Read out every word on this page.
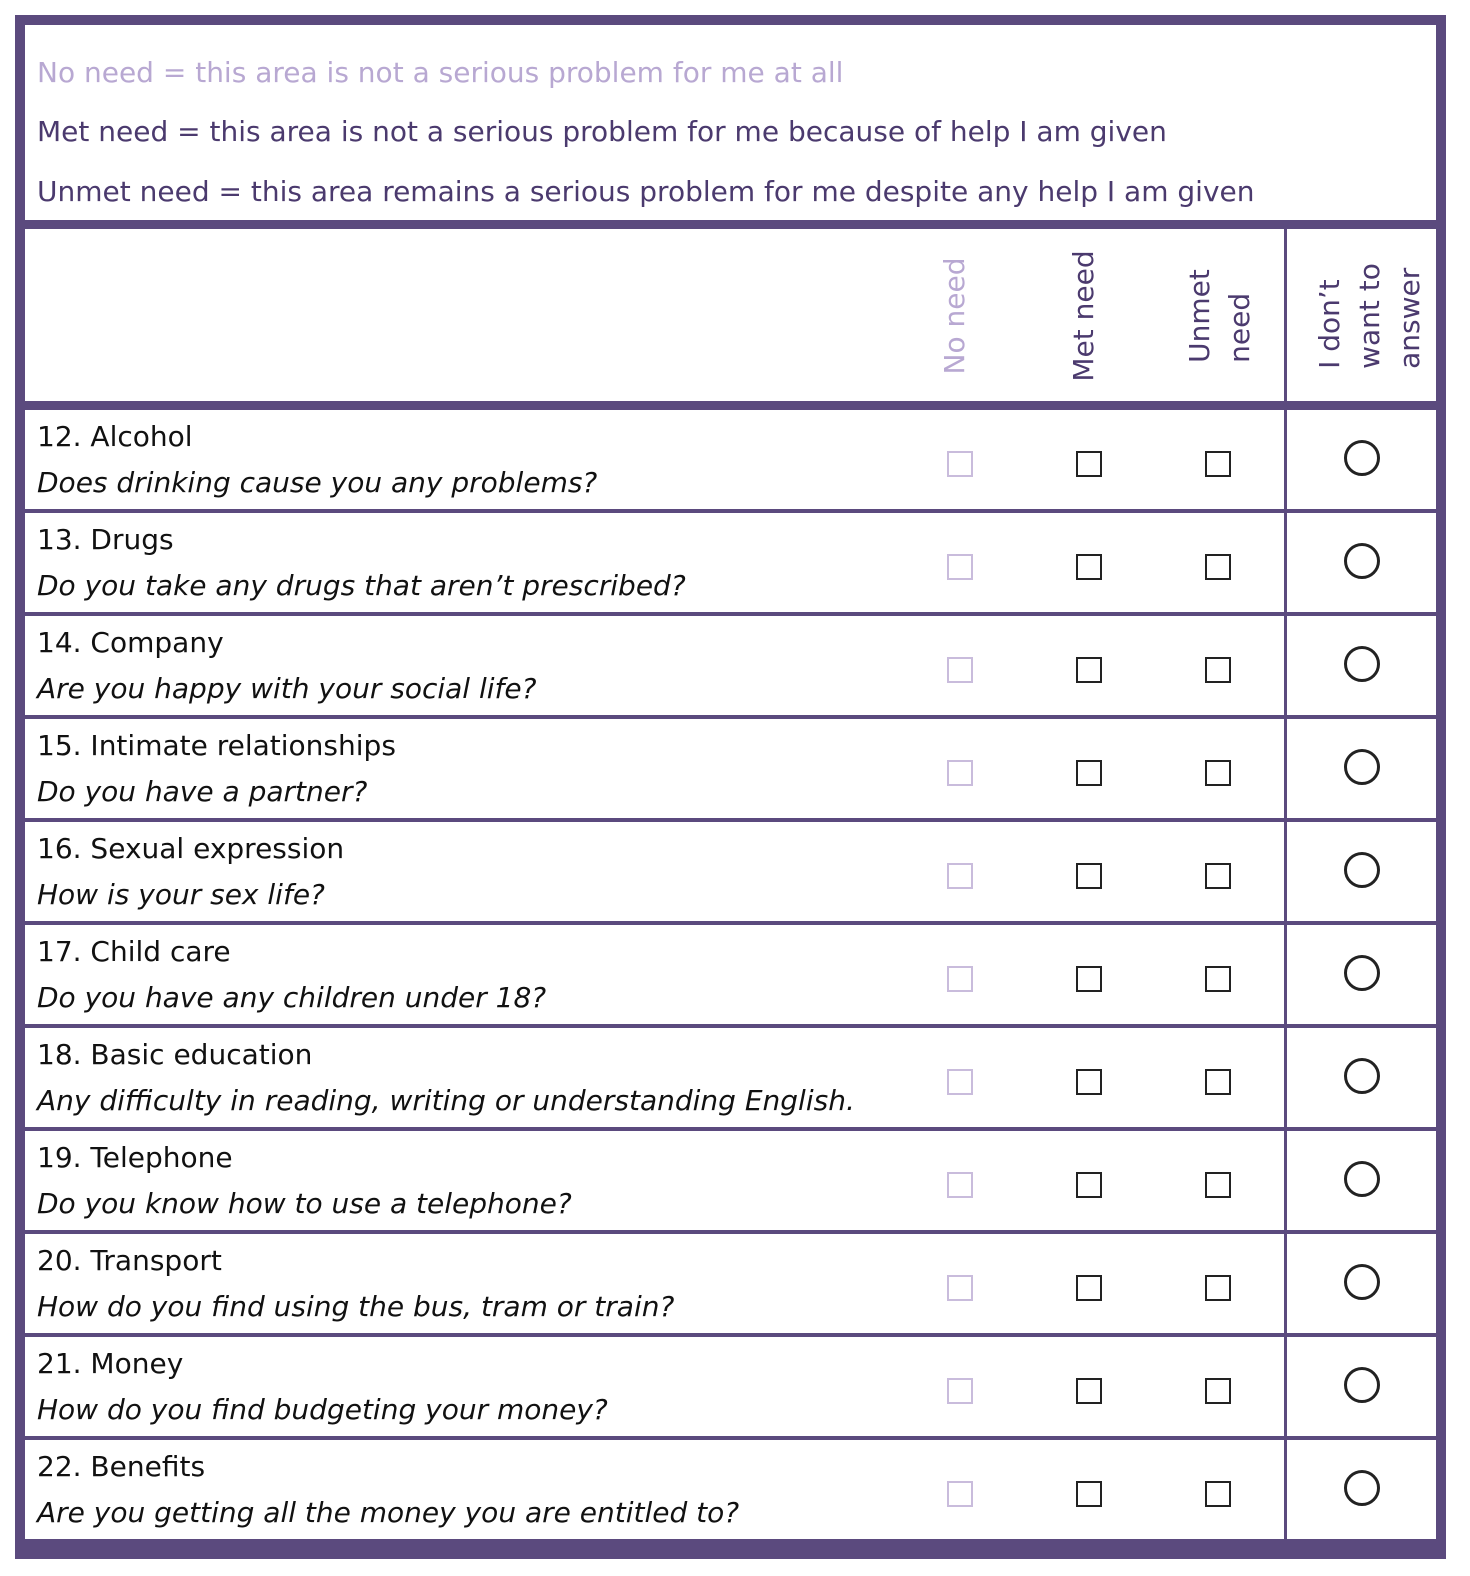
No need = this area is not a serious problem for me at all
Met need = this area is not a serious problem for me because of help I am given
Unmet need = this area remains a serious problem for me despite any help I am given
12. Alcohol
Does drinking cause you any problems?
13. Drugs
Do you take any drugs that aren’t prescribed?
14. Company
Are you happy with your social life?
15. Intimate relationships
Do you have a partner?
16. Sexual expression
How is your sex life?
17. Child care
Do you have any children under 18?
18. Basic education
Any difficulty in reading, writing or understanding English.
19. Telephone
Do you know how to use a telephone?
20. Transport
How do you find using the bus, tram or train?
21. Money
How do you find budgeting your money?
22. Benefits
Are you getting all the money you are entitled to?
No need	Met need	Unmet
need
I don’t
want to
answer
